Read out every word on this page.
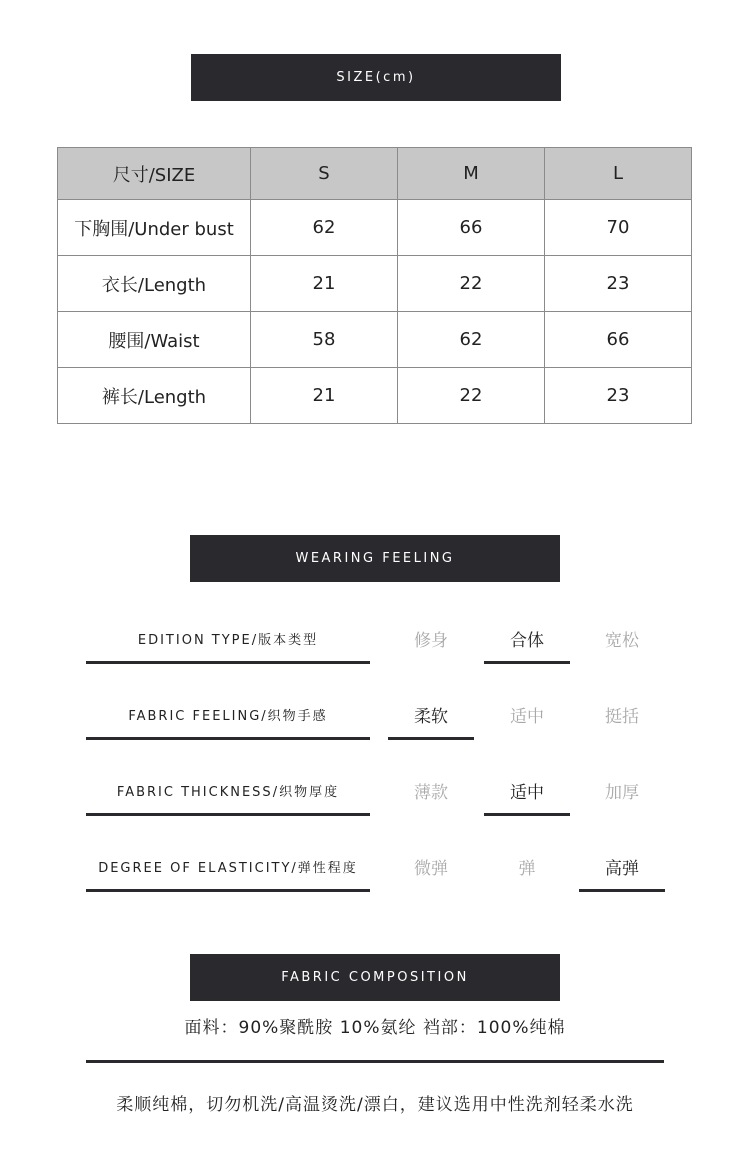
SIZE(cm)
尺寸/SIZE	S	M	L
下胸围/Under bust	62	66	70
衣长/Length	21	22	23
腰围/Waist	58	62	66
裤长/Length	21	22	23
WEARING FEELING
EDITION TYPE/版本类型	修身	合体	宽松
FABRIC FEELING/织物手感	柔软	适中	挺括
FABRIC THICKNESS/织物厚度	薄款	适中	加厚
DEGREE OF ELASTICITY/弹性程度	微弹	弹	高弹
FABRIC COMPOSITION
面料：90%聚酰胺 10%氨纶 裆部：100%纯棉
柔顺纯棉，切勿机洗/高温烫洗/漂白，建议选用中性洗剂轻柔水洗
